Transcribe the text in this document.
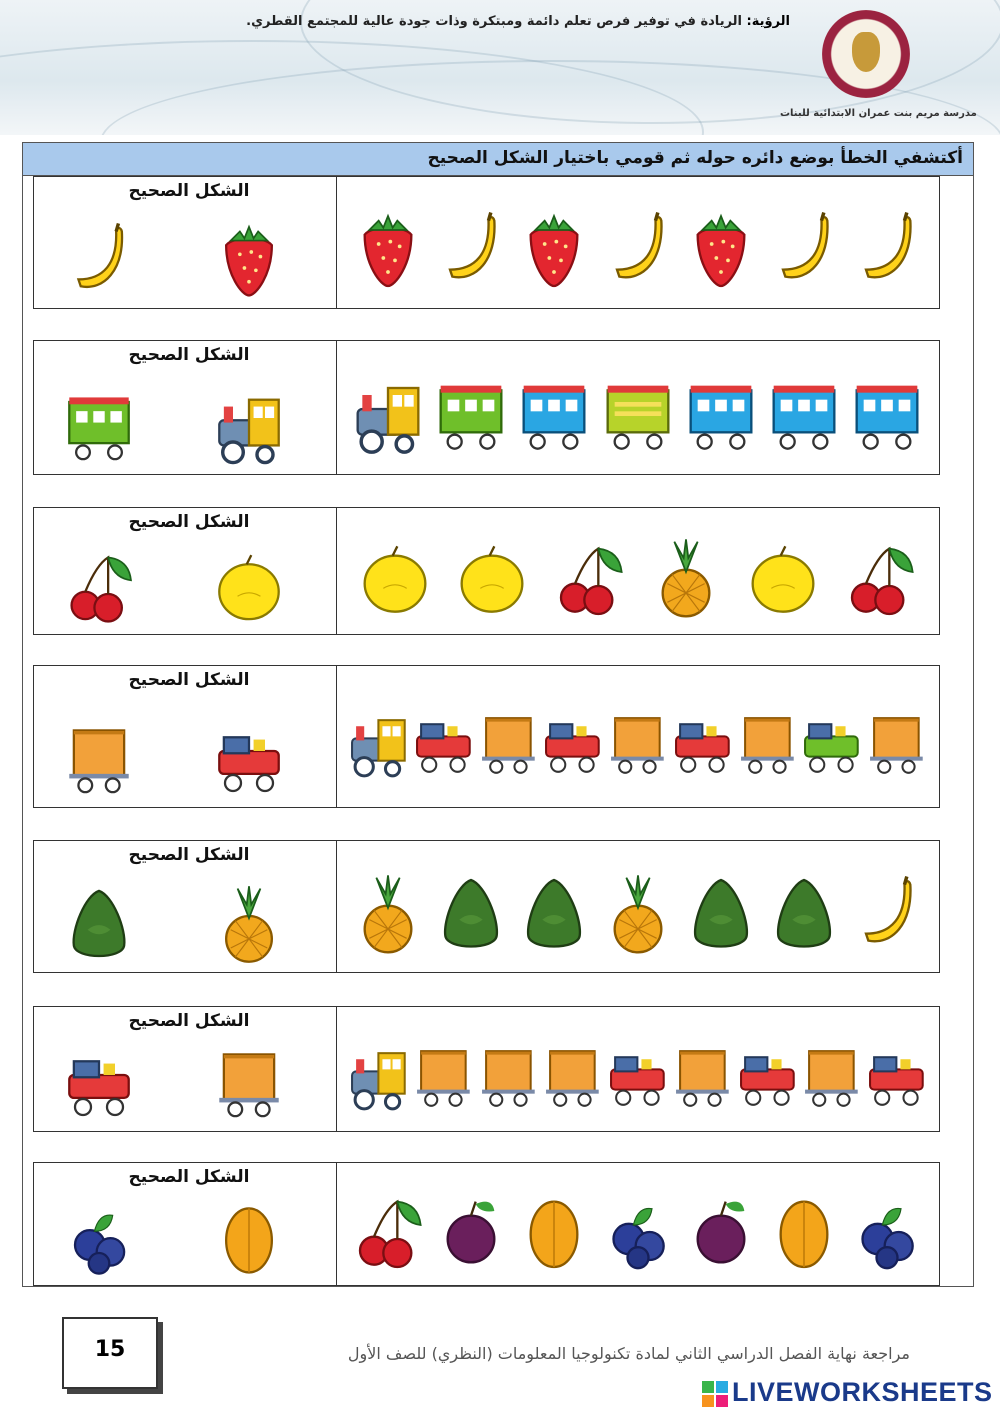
الرؤية: الريادة في توفير فرص تعلم دائمة ومبتكرة وذات جودة عالية للمجتمع القطري.
مدرسة مريم بنت عمران الابتدائية للبنات
أكتشفي الخطأ بوضع دائره حوله ثم قومي باختيار الشكل الصحيح
الشكل الصحيح
الشكل الصحيح
الشكل الصحيح
الشكل الصحيح
الشكل الصحيح
الشكل الصحيح
الشكل الصحيح
15	مراجعة نهاية الفصل الدراسي الثاني لمادة تكنولوجيا المعلومات (النظري) للصف الأول
LIVEWORKSHEETS
